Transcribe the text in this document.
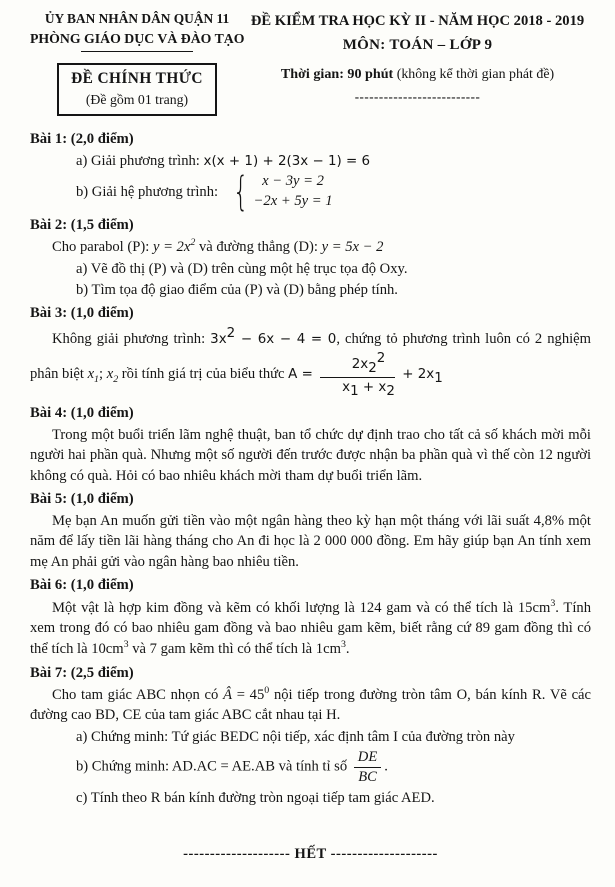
ỦY BAN NHÂN DÂN QUẬN 11
PHÒNG GIÁO DỤC VÀ ĐÀO TẠO
ĐỀ CHÍNH THỨC
(Đề gồm 01 trang)
ĐỀ KIỂM TRA HỌC KỲ II - NĂM HỌC 2018 - 2019
MÔN: TOÁN – LỚP 9
Thời gian: 90 phút (không kể thời gian phát đề)
--------------------------
Bài 1: (2,0 điểm)
a) Giải phương trình: x(x + 1) + 2(3x − 1) = 6
b) Giải hệ phương trình: { x − 3y = 2
−2x + 5y = 1
Bài 2: (1,5 điểm)

Cho parabol (P): $y = 2x^2$ và đường thẳng (D): y = 5x − 2

a) Vẽ đồ thị (P) và (D) trên cùng một hệ trục tọa độ Oxy.
b) Tìm tọa độ giao điểm của (P) và (D) bằng phép tính.
Bài 3: (1,0 điểm)

Không giải phương trình: $3x^2 - 6x - 4 = 0$, chứng tỏ phương trình luôn có 2 nghiệm phân biệt $x_1$; $x_2$ rồi tính giá trị của biểu thức $A = \frac{2x_2^2}{x_1 + x_2} + 2x_1$

Bài 4: (1,0 điểm)

Trong một buổi triển lãm nghệ thuật, ban tổ chức dự định trao cho tất cả số khách mời mỗi người hai phần quà. Nhưng một số người đến trước được nhận ba phần quà vì thế còn 12 người không có quà. Hỏi có bao nhiêu khách mời tham dự buổi triển lãm.

Bài 5: (1,0 điểm)

Mẹ bạn An muốn gửi tiền vào một ngân hàng theo kỳ hạn một tháng với lãi suất 4,8% một năm để lấy tiền lãi hàng tháng cho An đi học là 2 000 000 đồng. Em hãy giúp bạn An tính xem mẹ An phải gửi vào ngân hàng bao nhiêu tiền.

Bài 6: (1,0 điểm)

Một vật là hợp kim đồng và kẽm có khối lượng là 124 gam và có thể tích là $15cm^3$. Tính xem trong đó có bao nhiêu gam đồng và bao nhiêu gam kẽm, biết rằng cứ 89 gam đồng thì có thể tích là $10cm^3$ và 7 gam kẽm thì có thể tích là $1cm^3$.

Bài 7: (2,5 điểm)

Cho tam giác ABC nhọn có Â = $45^0$ nội tiếp trong đường tròn tâm O, bán kính R. Vẽ các đường cao BD, CE của tam giác ABC cắt nhau tại H.

a) Chứng minh: Tứ giác BEDC nội tiếp, xác định tâm I của đường tròn này
b) Chứng minh: AD.AC = AE.AB và tính tỉ số $\frac{DE}{BC}$ .
c) Tính theo R bán kính đường tròn ngoại tiếp tam giác AED.
-------------------- HẾT --------------------
